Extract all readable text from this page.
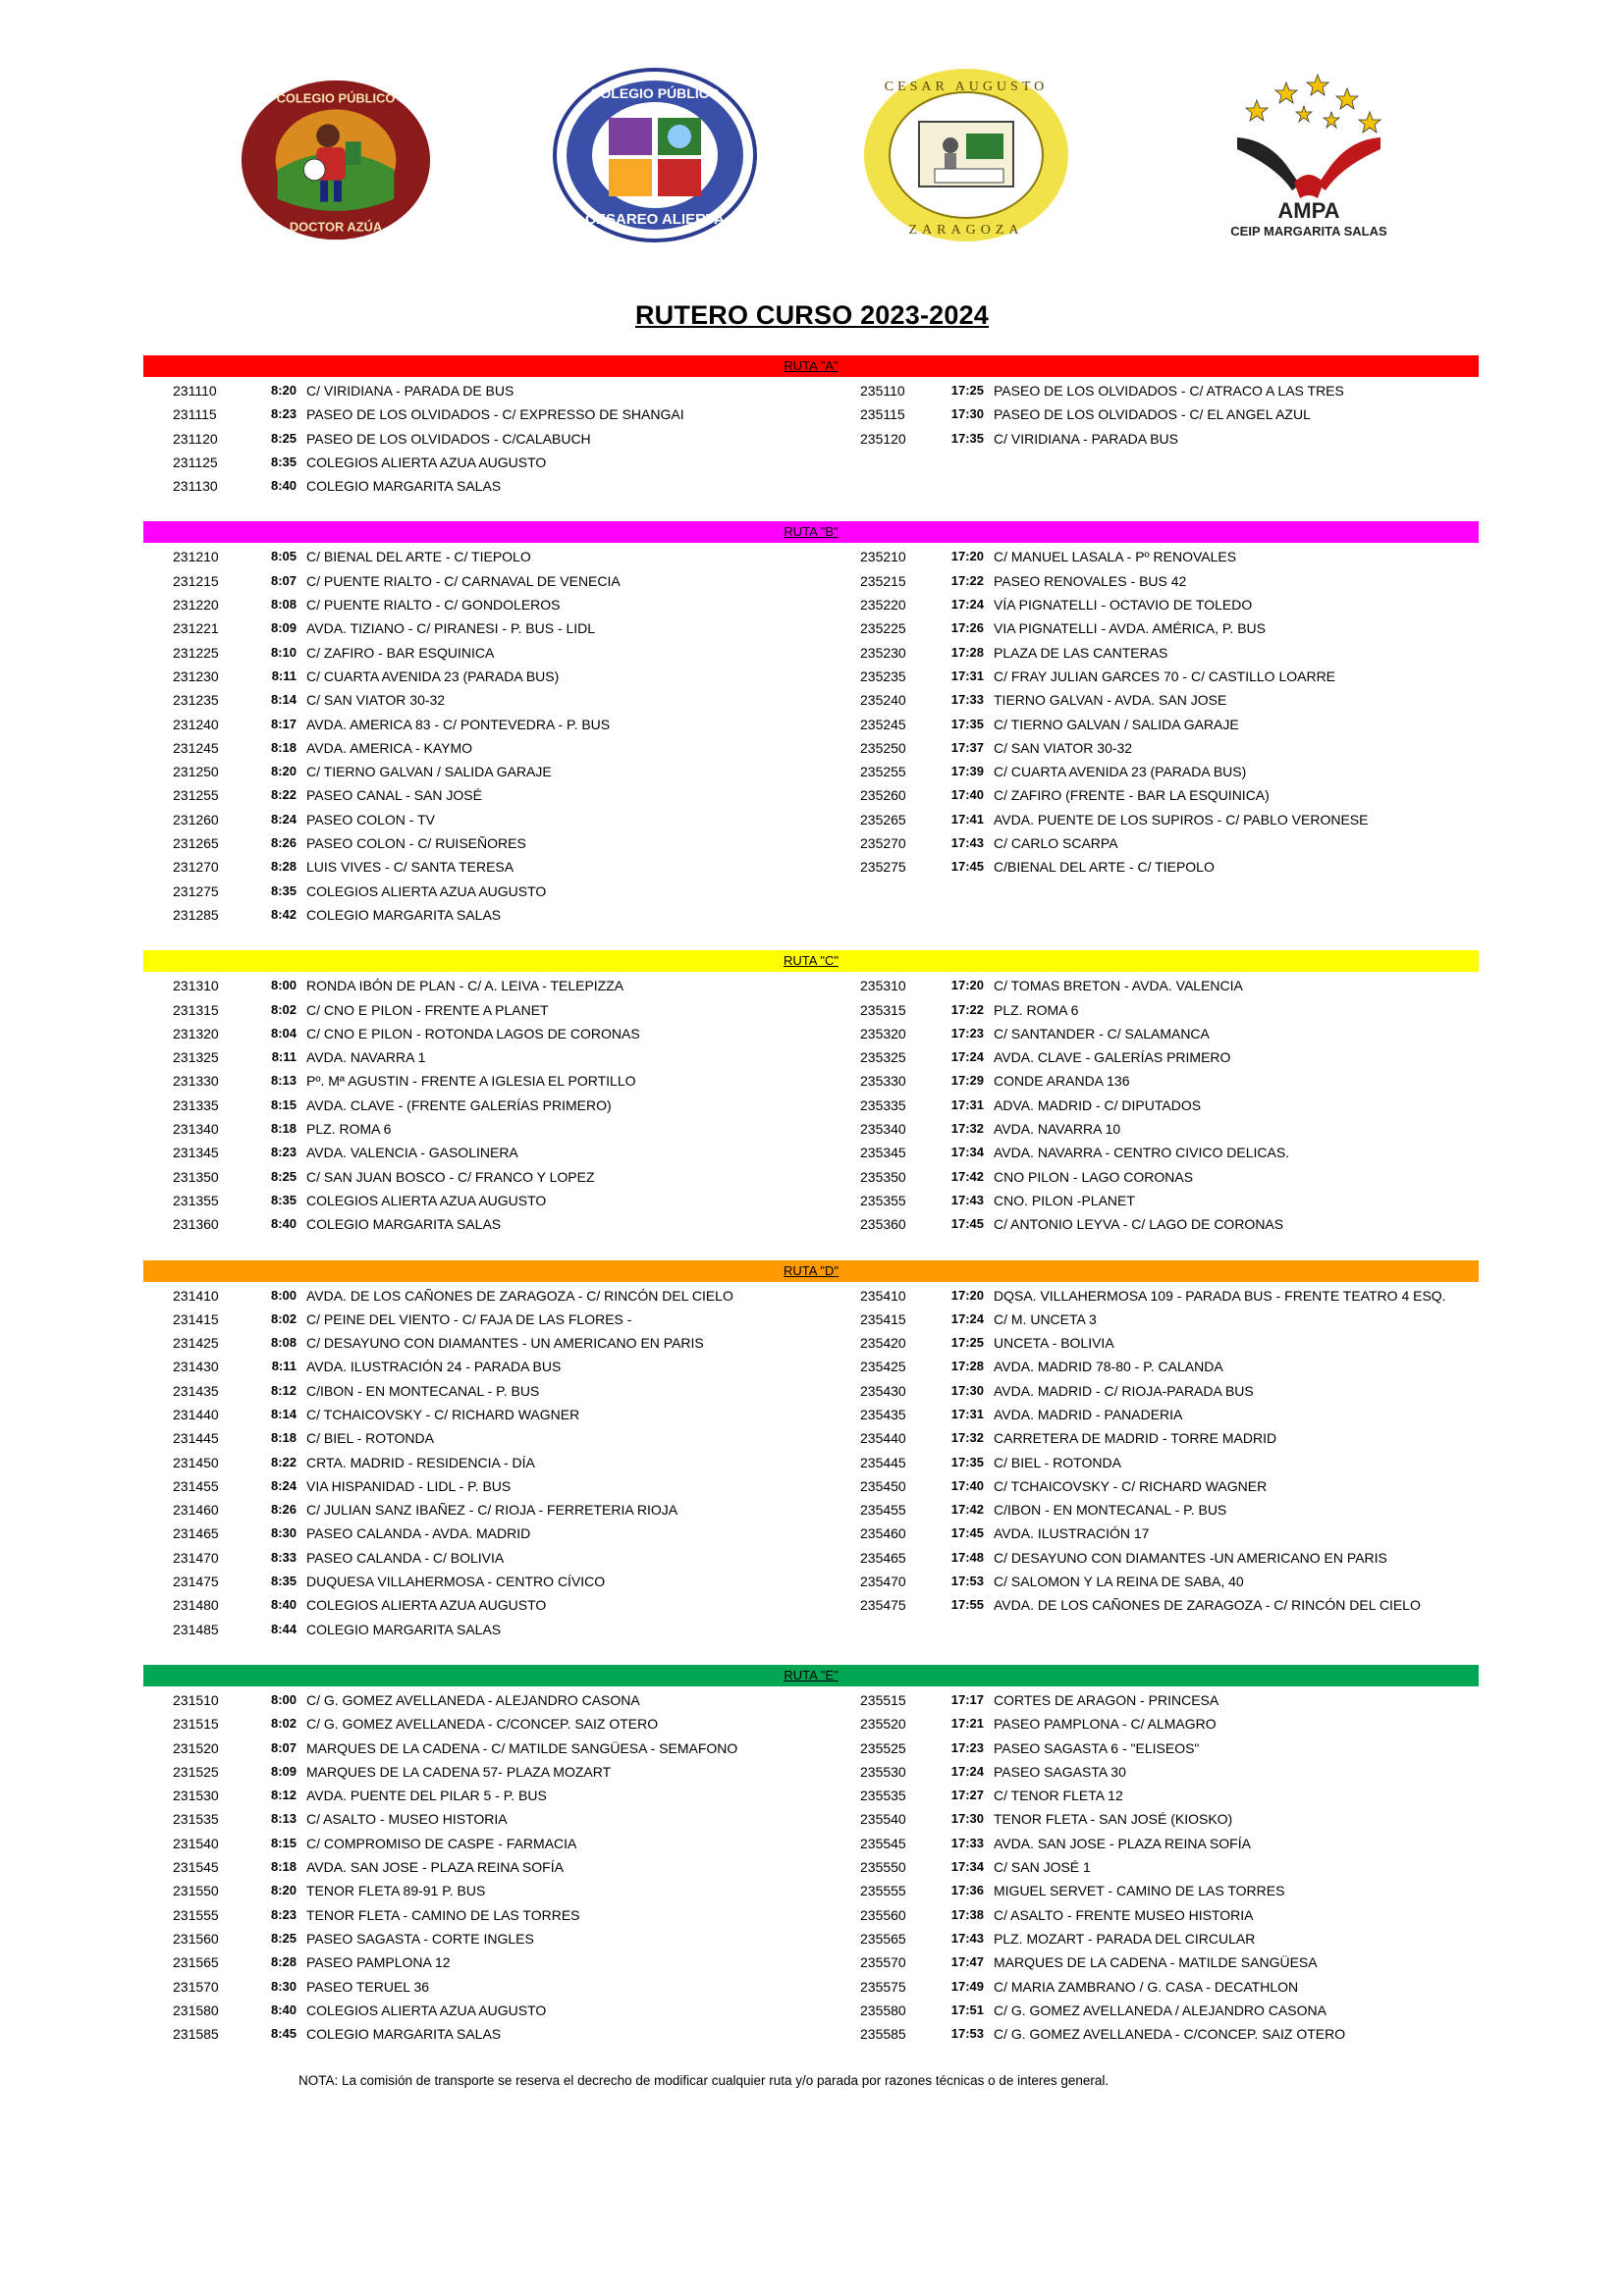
COLEGIO PÚBLICO
DOCTOR AZÚA
COLEGIO PÚBLICO
CESAREO ALIERTA
CESAR AUGUSTO
ZARAGOZA
AMPA
CEIP MARGARITA SALAS
RUTERO CURSO 2023-2024
RUTA "A"
231110	8:20 C/ VIRIDIANA - PARADA DE BUS
231115	8:23 PASEO DE LOS OLVIDADOS - C/ EXPRESSO DE SHANGAI
231120	8:25 PASEO DE LOS OLVIDADOS - C/CALABUCH
231125	8:35 COLEGIOS ALIERTA AZUA AUGUSTO
231130	8:40 COLEGIO MARGARITA SALAS
235110	17:25 PASEO DE LOS OLVIDADOS - C/ ATRACO A LAS TRES
235115	17:30 PASEO DE LOS OLVIDADOS - C/ EL ANGEL AZUL
235120	17:35 C/ VIRIDIANA - PARADA BUS
RUTA "B"
231210	8:05 C/ BIENAL DEL ARTE - C/ TIEPOLO
231215	8:07 C/ PUENTE RIALTO - C/ CARNAVAL DE VENECIA
231220	8:08 C/ PUENTE RIALTO - C/ GONDOLEROS
231221	8:09 AVDA. TIZIANO - C/ PIRANESI - P. BUS - LIDL
231225	8:10 C/ ZAFIRO - BAR ESQUINICA
231230	8:11 C/ CUARTA AVENIDA 23 (PARADA BUS)
231235	8:14 C/ SAN VIATOR 30-32
231240	8:17 AVDA. AMERICA 83 - C/ PONTEVEDRA - P. BUS
231245	8:18 AVDA. AMERICA - KAYMO
231250	8:20 C/ TIERNO GALVAN / SALIDA GARAJE
231255	8:22 PASEO CANAL - SAN JOSÉ
231260	8:24 PASEO COLON - TV
231265	8:26 PASEO COLON - C/ RUISEÑORES
231270	8:28 LUIS VIVES - C/ SANTA TERESA
231275	8:35 COLEGIOS ALIERTA AZUA AUGUSTO
231285	8:42 COLEGIO MARGARITA SALAS
235210	17:20 C/ MANUEL LASALA - Pº RENOVALES
235215	17:22 PASEO RENOVALES - BUS 42
235220	17:24 VÍA PIGNATELLI - OCTAVIO DE TOLEDO
235225	17:26 VIA PIGNATELLI - AVDA. AMÉRICA, P. BUS
235230	17:28 PLAZA DE LAS CANTERAS
235235	17:31 C/ FRAY JULIAN GARCES 70 - C/ CASTILLO LOARRE
235240	17:33 TIERNO GALVAN - AVDA. SAN JOSE
235245	17:35 C/ TIERNO GALVAN / SALIDA GARAJE
235250	17:37 C/ SAN VIATOR 30-32
235255	17:39 C/ CUARTA AVENIDA 23 (PARADA BUS)
235260	17:40 C/ ZAFIRO (FRENTE - BAR LA ESQUINICA)
235265	17:41 AVDA. PUENTE DE LOS SUPIROS - C/ PABLO VERONESE
235270	17:43 C/ CARLO SCARPA
235275	17:45 C/BIENAL DEL ARTE - C/ TIEPOLO
RUTA "C"
231310	8:00 RONDA IBÓN DE PLAN - C/ A. LEIVA - TELEPIZZA
231315	8:02 C/ CNO E PILON - FRENTE A PLANET
231320	8:04 C/ CNO E PILON - ROTONDA LAGOS DE CORONAS
231325	8:11 AVDA. NAVARRA 1
231330	8:13 Pº. Mª AGUSTIN - FRENTE A IGLESIA EL PORTILLO
231335	8:15 AVDA. CLAVE - (FRENTE GALERÍAS PRIMERO)
231340	8:18 PLZ. ROMA 6
231345	8:23 AVDA. VALENCIA - GASOLINERA
231350	8:25 C/ SAN JUAN BOSCO - C/ FRANCO Y LOPEZ
231355	8:35 COLEGIOS ALIERTA AZUA AUGUSTO
231360	8:40 COLEGIO MARGARITA SALAS
235310	17:20 C/ TOMAS BRETON - AVDA. VALENCIA
235315	17:22 PLZ. ROMA 6
235320	17:23 C/ SANTANDER - C/ SALAMANCA
235325	17:24 AVDA. CLAVE - GALERÍAS PRIMERO
235330	17:29 CONDE ARANDA 136
235335	17:31 ADVA. MADRID - C/ DIPUTADOS
235340	17:32 AVDA. NAVARRA 10
235345	17:34 AVDA. NAVARRA - CENTRO CIVICO DELICAS.
235350	17:42 CNO PILON - LAGO CORONAS
235355	17:43 CNO. PILON -PLANET
235360	17:45 C/ ANTONIO LEYVA - C/ LAGO DE CORONAS
RUTA "D"
231410	8:00 AVDA. DE LOS CAÑONES DE ZARAGOZA - C/ RINCÓN DEL CIELO
231415	8:02 C/ PEINE DEL VIENTO - C/ FAJA DE LAS FLORES -
231425	8:08 C/ DESAYUNO CON DIAMANTES - UN AMERICANO EN PARIS
231430	8:11 AVDA. ILUSTRACIÓN 24 - PARADA BUS
231435	8:12 C/IBON - EN MONTECANAL - P. BUS
231440	8:14 C/ TCHAICOVSKY - C/ RICHARD WAGNER
231445	8:18 C/ BIEL - ROTONDA
231450	8:22 CRTA. MADRID - RESIDENCIA - DÍA
231455	8:24 VIA HISPANIDAD - LIDL - P. BUS
231460	8:26 C/ JULIAN SANZ IBAÑEZ - C/ RIOJA - FERRETERIA RIOJA
231465	8:30 PASEO CALANDA - AVDA. MADRID
231470	8:33 PASEO CALANDA - C/ BOLIVIA
231475	8:35 DUQUESA VILLAHERMOSA - CENTRO CÍVICO
231480	8:40 COLEGIOS ALIERTA AZUA AUGUSTO
231485	8:44 COLEGIO MARGARITA SALAS
235410	17:20 DQSA. VILLAHERMOSA 109 - PARADA BUS - FRENTE TEATRO 4 ESQ.
235415	17:24 C/ M. UNCETA 3
235420	17:25 UNCETA - BOLIVIA
235425	17:28 AVDA. MADRID 78-80 - P. CALANDA
235430	17:30 AVDA. MADRID - C/ RIOJA-PARADA BUS
235435	17:31 AVDA. MADRID - PANADERIA
235440	17:32 CARRETERA DE MADRID - TORRE MADRID
235445	17:35 C/ BIEL - ROTONDA
235450	17:40 C/ TCHAICOVSKY - C/ RICHARD WAGNER
235455	17:42 C/IBON - EN MONTECANAL - P. BUS
235460	17:45 AVDA. ILUSTRACIÓN 17
235465	17:48 C/ DESAYUNO CON DIAMANTES -UN AMERICANO EN PARIS
235470	17:53 C/ SALOMON Y LA REINA DE SABA, 40
235475	17:55 AVDA. DE LOS CAÑONES DE ZARAGOZA - C/ RINCÓN DEL CIELO
RUTA "E"
231510	8:00 C/ G. GOMEZ AVELLANEDA - ALEJANDRO CASONA
231515	8:02 C/ G. GOMEZ AVELLANEDA - C/CONCEP. SAIZ OTERO
231520	8:07 MARQUES DE LA CADENA - C/ MATILDE SANGÜESA - SEMAFONO
231525	8:09 MARQUES DE LA CADENA 57- PLAZA MOZART
231530	8:12 AVDA. PUENTE DEL PILAR 5 - P. BUS
231535	8:13 C/ ASALTO - MUSEO HISTORIA
231540	8:15 C/ COMPROMISO DE CASPE - FARMACIA
231545	8:18 AVDA. SAN JOSE - PLAZA REINA SOFÍA
231550	8:20 TENOR FLETA 89-91 P. BUS
231555	8:23 TENOR FLETA - CAMINO DE LAS TORRES
231560	8:25 PASEO SAGASTA - CORTE INGLES
231565	8:28 PASEO PAMPLONA 12
231570	8:30 PASEO TERUEL 36
231580	8:40 COLEGIOS ALIERTA AZUA AUGUSTO
231585	8:45 COLEGIO MARGARITA SALAS
235515	17:17 CORTES DE ARAGON - PRINCESA
235520	17:21 PASEO PAMPLONA - C/ ALMAGRO
235525	17:23 PASEO SAGASTA 6 - "ELISEOS"
235530	17:24 PASEO SAGASTA 30
235535	17:27 C/ TENOR FLETA 12
235540	17:30 TENOR FLETA - SAN JOSÉ (KIOSKO)
235545	17:33 AVDA. SAN JOSE - PLAZA REINA SOFÍA
235550	17:34 C/ SAN JOSÉ 1
235555	17:36 MIGUEL SERVET - CAMINO DE LAS TORRES
235560	17:38 C/ ASALTO - FRENTE MUSEO HISTORIA
235565	17:43 PLZ. MOZART - PARADA DEL CIRCULAR
235570	17:47 MARQUES DE LA CADENA - MATILDE SANGÜESA
235575	17:49 C/ MARIA ZAMBRANO / G. CASA - DECATHLON
235580	17:51 C/ G. GOMEZ AVELLANEDA / ALEJANDRO CASONA
235585	17:53 C/ G. GOMEZ AVELLANEDA - C/CONCEP. SAIZ OTERO
NOTA: La comisión de transporte se reserva el decrecho de modificar cualquier ruta y/o parada por razones técnicas o de interes general.
